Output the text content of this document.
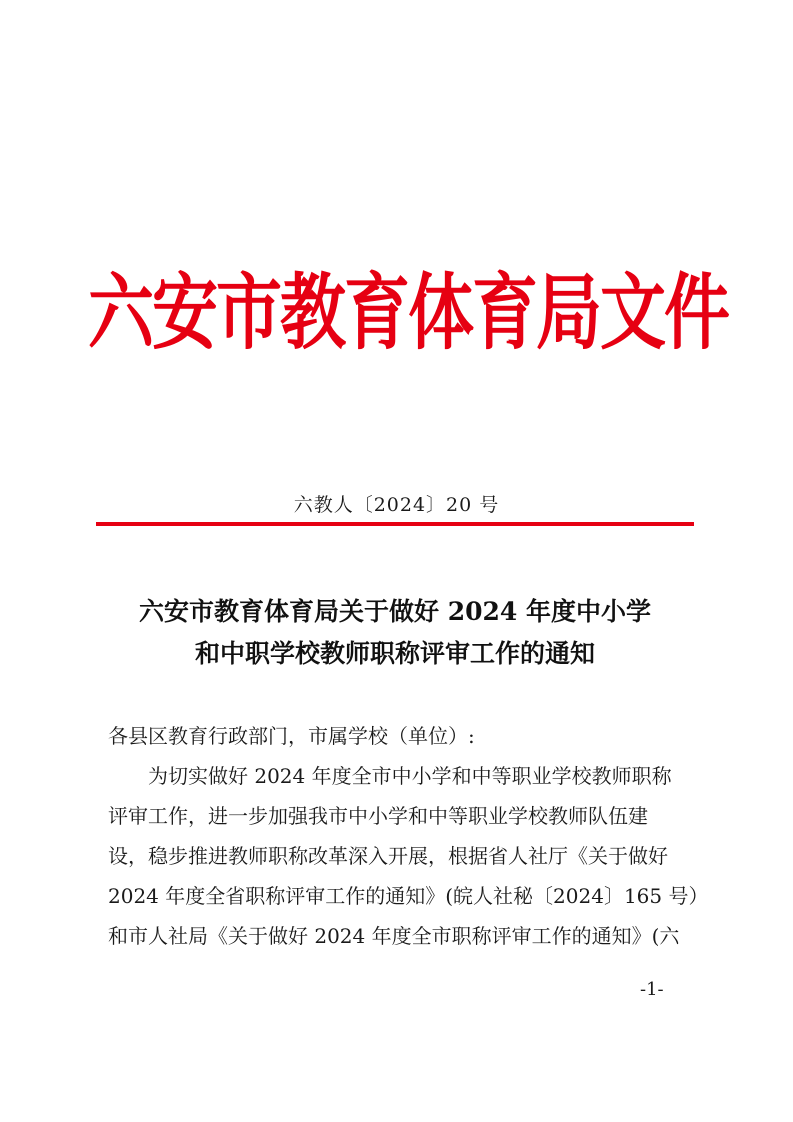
六安市教育体育局文件
六教人〔2024〕20 号
六安市教育体育局关于做好 2024 年度中小学
和中职学校教师职称评审工作的通知
各县区教育行政部门，市属学校（单位）:
为切实做好 2024 年度全市中小学和中等职业学校教师职称
评审工作，进一步加强我市中小学和中等职业学校教师队伍建
设，稳步推进教师职称改革深入开展，根据省人社厅《关于做好
2024 年度全省职称评审工作的通知》(皖人社秘〔2024〕165 号）
和市人社局《关于做好 2024 年度全市职称评审工作的通知》(六
-1-
